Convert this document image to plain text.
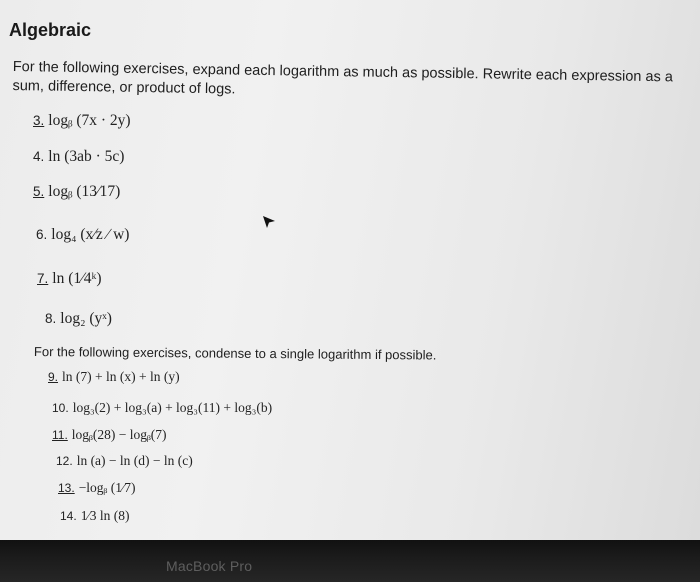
Algebraic
For the following exercises, expand each logarithm as much as possible. Rewrite each expression as a sum, difference, or product of logs.
3. logᵦ (7x · 2y)
4. ln (3ab · 5c)
5. logᵦ (13⁄17)
6. log₄ (x⁄z ∕ w)
7. ln (1⁄4ᵏ)
8. log₂ (yˣ)
For the following exercises, condense to a single logarithm if possible.
9. ln (7) + ln (x) + ln (y)
10. log₃(2) + log₃(a) + log₃(11) + log₃(b)
11. logᵦ(28) − logᵦ(7)
12. ln (a) − ln (d) − ln (c)
13. −logᵦ (1⁄7)
14. 1⁄3 ln (8)
MacBook Pro
